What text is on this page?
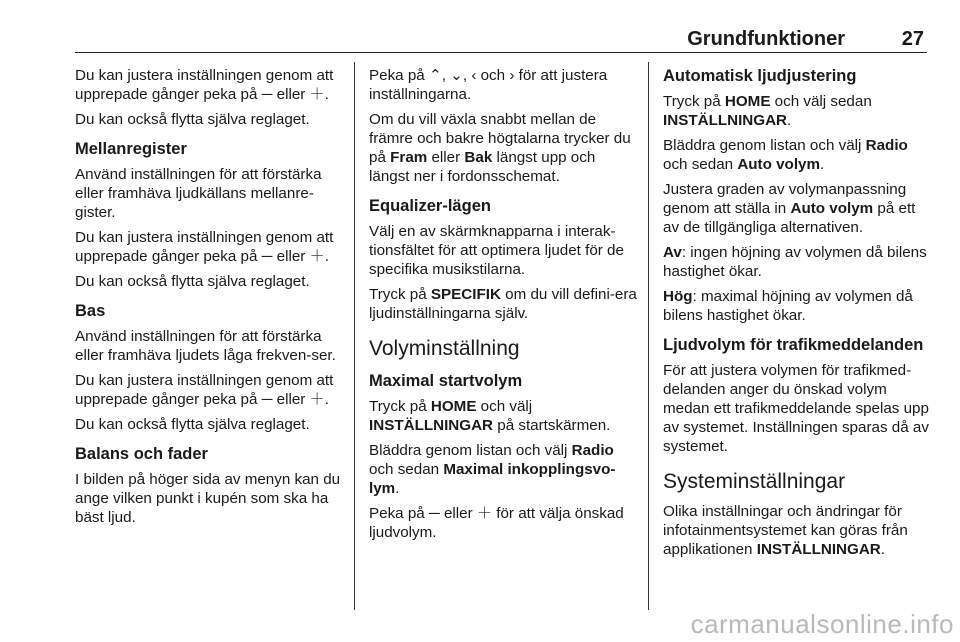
Grundfunktioner	27

Du kan justera inställningen genom att upprepade gånger peka på ─ eller ＋.

Du kan också flytta själva reglaget.

Mellanregister

Använd inställningen för att förstärka eller framhäva ljudkällans mellanre-gister.

Du kan justera inställningen genom att upprepade gånger peka på ─ eller ＋.

Du kan också flytta själva reglaget.

Bas

Använd inställningen för att förstärka eller framhäva ljudets låga frekven-ser.

Du kan justera inställningen genom att upprepade gånger peka på ─ eller ＋.

Du kan också flytta själva reglaget.

Balans och fader

I bilden på höger sida av menyn kan du ange vilken punkt i kupén som ska ha bäst ljud.

Peka på ⌃, ⌄, ‹ och › för att justera inställningarna.

Om du vill växla snabbt mellan de främre och bakre högtalarna trycker du på Fram eller Bak längst upp och längst ner i fordonsschemat.

Equalizer-lägen

Välj en av skärmknapparna i interak-tionsfältet för att optimera ljudet för de specifika musikstilarna.

Tryck på SPECIFIK om du vill defini-era ljudinställningarna själv.

Volyminställning
Maximal startvolym

Tryck på HOME och välj INSTÄLLNINGAR på startskärmen.

Bläddra genom listan och välj Radio och sedan Maximal inkopplingsvo-lym.

Peka på ─ eller ＋ för att välja önskad ljudvolym.

Automatisk ljudjustering

Tryck på HOME och välj sedan INSTÄLLNINGAR.

Bläddra genom listan och välj Radio och sedan Auto volym.

Justera graden av volymanpassning genom att ställa in Auto volym på ett av de tillgängliga alternativen.

Av: ingen höjning av volymen då bilens hastighet ökar.

Hög: maximal höjning av volymen då bilens hastighet ökar.

Ljudvolym för trafikmeddelanden

För att justera volymen för trafikmed-delanden anger du önskad volym medan ett trafikmeddelande spelas upp av systemet. Inställningen sparas då av systemet.

Systeminställningar

Olika inställningar och ändringar för infotainmentsystemet kan göras från applikationen INSTÄLLNINGAR.

carmanualsonline.info
